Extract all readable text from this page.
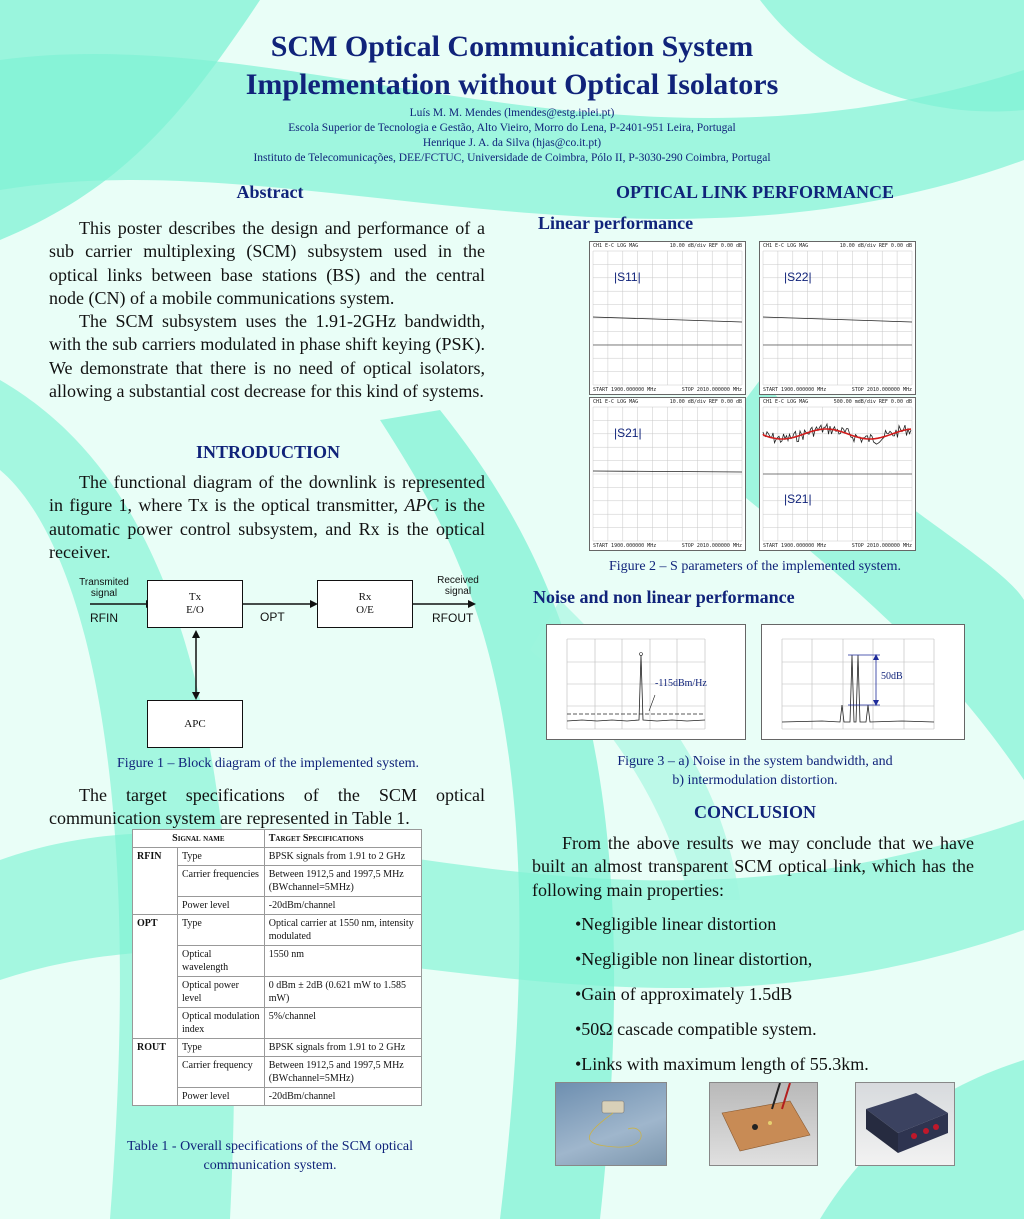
SCM Optical Communication System
Implementation without Optical Isolators
Luís M. M. Mendes (lmendes@estg.iplei.pt)
Escola Superior de Tecnologia e Gestão, Alto Vieiro, Morro do Lena, P-2401-951 Leira, Portugal
Henrique J. A. da Silva (hjas@co.it.pt)
Instituto de Telecomunicações, DEE/FCTUC, Universidade de Coimbra, Pólo II, P-3030-290 Coimbra, Portugal
Abstract

This poster describes the design and performance of a sub carrier multiplexing (SCM) subsystem used in the optical links between base stations (BS) and the central node (CN) of a mobile communications system.

The SCM subsystem uses the 1.91-2GHz bandwidth, with the sub carriers modulated in phase shift keying (PSK). We demonstrate that there is no need of optical isolators, allowing a substantial cost decrease for this kind of systems.

INTRODUCTION

The functional diagram of the downlink is represented in figure 1, where Tx is the optical transmitter, APC is the automatic power control subsystem, and Rx is the optical receiver.

Transmited signal
RFIN
Tx
E/O	OPT
Rx
O/E
Received signal
RFOUT
APC
Figure 1 – Block diagram of the implemented system.

The target specifications of the SCM optical communication system are represented in Table 1.

Signal name		Target Specifications
RFIN	Type	BPSK signals from 1.91 to 2 GHz
	Carrier frequencies	Between 1912,5 and 1997,5 MHz (BWchannel=5MHz)
	Power level	-20dBm/channel
OPT	Type	Optical carrier at 1550 nm, intensity modulated
	Optical wavelength	1550 nm
	Optical power level	0 dBm ± 2dB (0.621 mW to 1.585 mW)
	Optical modulation index	5%/channel
ROUT	Type	BPSK signals from 1.91 to 2 GHz
	Carrier frequency	Between 1912,5 and 1997,5 MHz (BWchannel=5MHz)
	Power level	-20dBm/channel
Table 1 - Overall specifications of the SCM optical communication system.
OPTICAL LINK PERFORMANCE
Linear performance
CH1 E-C LOG MAG	10.00 dB/div REF 0.00 dB
START 1900.000000 MHz	STOP 2010.000000 MHz
|S11|
CH1 E-C LOG MAG	10.00 dB/div REF 0.00 dB
START 1900.000000 MHz	STOP 2010.000000 MHz
|S22|
CH1 E-C LOG MAG	10.00 dB/div REF 0.00 dB
START 1900.000000 MHz	STOP 2010.000000 MHz
|S21|
CH1 E-C LOG MAG	500.00 mdB/div REF 0.00 dB
START 1900.000000 MHz	STOP 2010.000000 MHz
|S21|
Figure 2 – S parameters of the implemented system.
Noise and non linear performance
-115dBm/Hz
50dB
Figure 3 – a) Noise in the system bandwidth, and
b) intermodulation distortion.
CONCLUSION

From the above results we may conclude that we have built an almost transparent SCM optical link, which has the following main properties:

•Negligible linear distortion
•Negligible non linear distortion,
•Gain of approximately 1.5dB
•50Ω cascade compatible system.
•Links with maximum length of 55.3km.
